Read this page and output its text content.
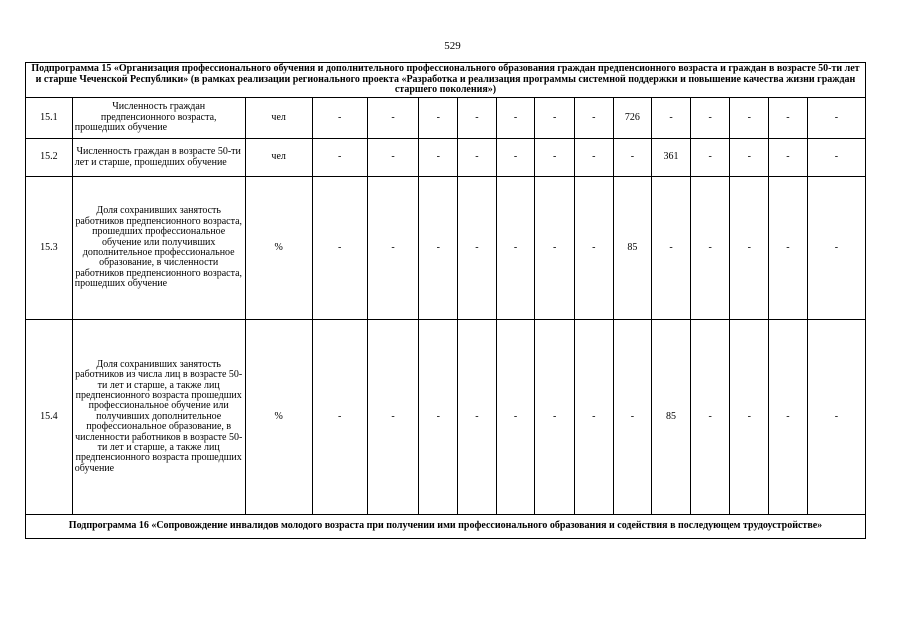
529
Подпрограмма 15 «Организация профессионального обучения и дополнительного профессионального образования граждан предпенсионного возраста и граждан в возрасте 50-ти лет и старше Чеченской Республики» (в рамках реализации регионального проекта «Разработка и реализация программы системной поддержки и повышение качества жизни граждан старшего поколения»)															
15.1	Численность граждан предпенсионного возраста, прошедших обучение	чел	-	-	-	-	-	-	-	726	-	-	-	-	-
15.2	Численность граждан в возрасте 50-ти лет и старше, прошедших обучение	чел	-	-	-	-	-	-	-	-	361	-	-	-	-
15.3	Доля сохранивших занятость работников предпенсионного возраста, прошедших профессиональное обучение или получивших дополнительное профессиональное образование, в численности работников предпенсионного возраста, прошедших обучение	%	-	-	-	-	-	-	-	85	-	-	-	-	-
15.4	Доля сохранивших занятость работников из числа лиц в возрасте 50-ти лет и старше, а также лиц предпенсионного возраста прошедших профессиональное обучение или получивших дополнительное профессиональное образование, в численности работников в возрасте 50-ти лет и старше, а также лиц предпенсионного возраста прошедших обучение	%	-	-	-	-	-	-	-	-	85	-	-	-	-
Подпрограмма 16 «Сопровождение инвалидов молодого возраста при получении ими профессионального образования и содействия в последующем трудоустройстве»															
